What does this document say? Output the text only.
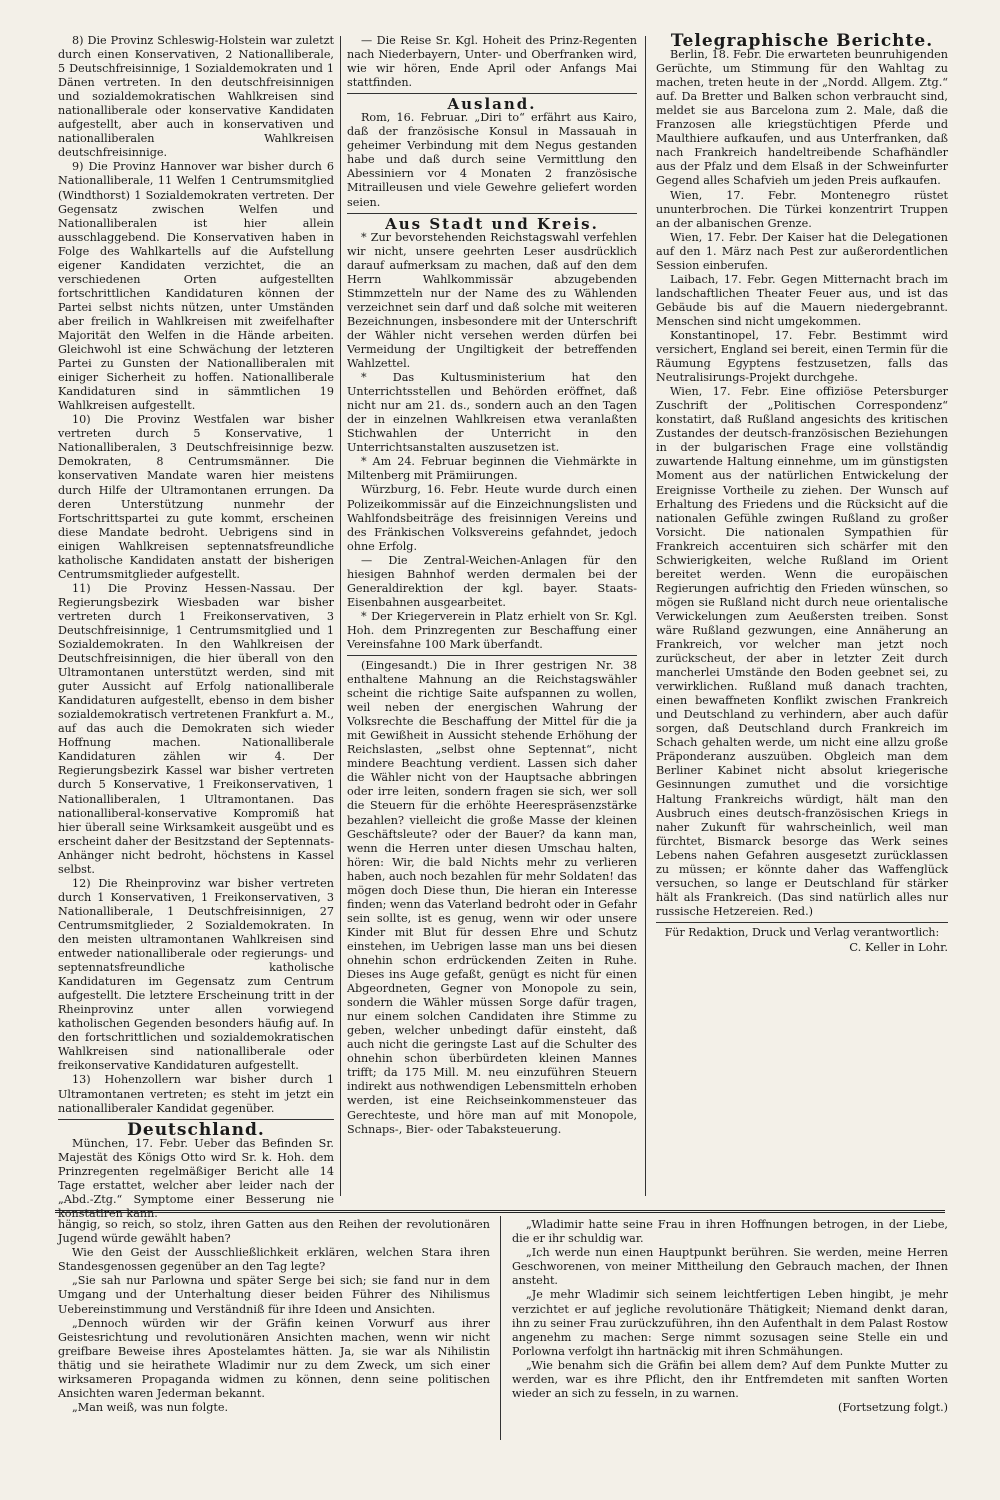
8) Die Provinz Schleswig-Holstein war zuletzt durch einen Konservativen, 2 Nationalliberale, 5 Deutschfreisinnige, 1 Sozialdemokraten und 1 Dänen vertreten. In den deutschfreisinnigen und sozialdemokratischen Wahlkreisen sind nationalliberale oder konservative Kandidaten aufgestellt, aber auch in konservativen und nationalliberalen Wahlkreisen deutschfreisinnige.

9) Die Provinz Hannover war bisher durch 6 Nationalliberale, 11 Welfen 1 Centrumsmitglied (Windthorst) 1 Sozialdemokraten vertreten. Der Gegensatz zwischen Welfen und Nationalliberalen ist hier allein ausschlaggebend. Die Konservativen haben in Folge des Wahlkartells auf die Aufstellung eigener Kandidaten verzichtet, die an verschiedenen Orten aufgestellten fortschrittlichen Kandidaturen können der Partei selbst nichts nützen, unter Umständen aber freilich in Wahlkreisen mit zweifelhafter Majorität den Welfen in die Hände arbeiten. Gleichwohl ist eine Schwächung der letzteren Partei zu Gunsten der Nationalliberalen mit einiger Sicherheit zu hoffen. Nationalliberale Kandidaturen sind in sämmtlichen 19 Wahlkreisen aufgestellt.

10) Die Provinz Westfalen war bisher vertreten durch 5 Konservative, 1 Nationalliberalen, 3 Deutschfreisinnige bezw. Demokraten, 8 Centrumsmänner. Die konservativen Mandate waren hier meistens durch Hilfe der Ultramontanen errungen. Da deren Unterstützung nunmehr der Fortschrittspartei zu gute kommt, erscheinen diese Mandate bedroht. Uebrigens sind in einigen Wahlkreisen septennatsfreundliche katholische Kandidaten anstatt der bisherigen Centrumsmitglieder aufgestellt.

11) Die Provinz Hessen-Nassau. Der Regierungsbezirk Wiesbaden war bisher vertreten durch 1 Freikonservativen, 3 Deutschfreisinnige, 1 Centrumsmitglied und 1 Sozialdemokraten. In den Wahlkreisen der Deutschfreisinnigen, die hier überall von den Ultramontanen unterstützt werden, sind mit guter Aussicht auf Erfolg nationalliberale Kandidaturen aufgestellt, ebenso in dem bisher sozialdemokratisch vertretenen Frankfurt a. M., auf das auch die Demokraten sich wieder Hoffnung machen. Nationalliberale Kandidaturen zählen wir 4. Der Regierungsbezirk Kassel war bisher vertreten durch 5 Konservative, 1 Freikonservativen, 1 Nationalliberalen, 1 Ultramontanen. Das nationalliberal-konservative Kompromiß hat hier überall seine Wirksamkeit ausgeübt und es erscheint daher der Besitzstand der Septennats-Anhänger nicht bedroht, höchstens in Kassel selbst.

12) Die Rheinprovinz war bisher vertreten durch 1 Konservativen, 1 Freikonservativen, 3 Nationalliberale, 1 Deutschfreisinnigen, 27 Centrumsmitglieder, 2 Sozialdemokraten. In den meisten ultramontanen Wahlkreisen sind entweder nationalliberale oder regierungs- und septennatsfreundliche katholische Kandidaturen im Gegensatz zum Centrum aufgestellt. Die letztere Erscheinung tritt in der Rheinprovinz unter allen vorwiegend katholischen Gegenden besonders häufig auf. In den fortschrittlichen und sozialdemokratischen Wahlkreisen sind nationalliberale oder freikonservative Kandidaturen aufgestellt.

13) Hohenzollern war bisher durch 1 Ultramontanen vertreten; es steht im jetzt ein nationalliberaler Kandidat gegenüber.

Deutschland.

München, 17. Febr. Ueber das Befinden Sr. Majestät des Königs Otto wird Sr. k. Hoh. dem Prinzregenten regelmäßiger Bericht alle 14 Tage erstattet, welcher aber leider nach der „Abd.-Ztg.“ Symptome einer Besserung nie konstatiren kann.

— Die Reise Sr. Kgl. Hoheit des Prinz-Regenten nach Niederbayern, Unter- und Oberfranken wird, wie wir hören, Ende April oder Anfangs Mai stattfinden.

Ausland.

Rom, 16. Februar. „Diri to“ erfährt aus Kairo, daß der französische Konsul in Massauah in geheimer Verbindung mit dem Negus gestanden habe und daß durch seine Vermittlung den Abessiniern vor 4 Monaten 2 französische Mitrailleusen und viele Gewehre geliefert worden seien.

Aus Stadt und Kreis.

* Zur bevorstehenden Reichstagswahl verfehlen wir nicht, unsere geehrten Leser ausdrücklich darauf aufmerksam zu machen, daß auf den dem Herrn Wahlkommissär abzugebenden Stimmzetteln nur der Name des zu Wählenden verzeichnet sein darf und daß solche mit weiteren Bezeichnungen, insbesondere mit der Unterschrift der Wähler nicht versehen werden dürfen bei Vermeidung der Ungiltigkeit der betreffenden Wahlzettel.

* Das Kultusministerium hat den Unterrichtsstellen und Behörden eröffnet, daß nicht nur am 21. ds., sondern auch an den Tagen der in einzelnen Wahlkreisen etwa veranlaßten Stichwahlen der Unterricht in den Unterrichtsanstalten auszusetzen ist.

* Am 24. Februar beginnen die Viehmärkte in Miltenberg mit Prämiirungen.

Würzburg, 16. Febr. Heute wurde durch einen Polizeikommissär auf die Einzeichnungslisten und Wahlfondsbeiträge des freisinnigen Vereins und des Fränkischen Volksvereins gefahndet, jedoch ohne Erfolg.

— Die Zentral-Weichen-Anlagen für den hiesigen Bahnhof werden dermalen bei der Generaldirektion der kgl. bayer. Staats-Eisenbahnen ausgearbeitet.

* Der Kriegerverein in Platz erhielt von Sr. Kgl. Hoh. dem Prinzregenten zur Beschaffung einer Vereinsfahne 100 Mark überfandt.

(Eingesandt.) Die in Ihrer gestrigen Nr. 38 enthaltene Mahnung an die Reichstagswähler scheint die richtige Saite aufspannen zu wollen, weil neben der energischen Wahrung der Volksrechte die Beschaffung der Mittel für die ja mit Gewißheit in Aussicht stehende Erhöhung der Reichslasten, „selbst ohne Septennat“, nicht mindere Beachtung verdient. Lassen sich daher die Wähler nicht von der Hauptsache abbringen oder irre leiten, sondern fragen sie sich, wer soll die Steuern für die erhöhte Heerespräsenzstärke bezahlen? vielleicht die große Masse der kleinen Geschäftsleute? oder der Bauer? da kann man, wenn die Herren unter diesen Umschau halten, hören: Wir, die bald Nichts mehr zu verlieren haben, auch noch bezahlen für mehr Soldaten! das mögen doch Diese thun, Die hieran ein Interesse finden; wenn das Vaterland bedroht oder in Gefahr sein sollte, ist es genug, wenn wir oder unsere Kinder mit Blut für dessen Ehre und Schutz einstehen, im Uebrigen lasse man uns bei diesen ohnehin schon erdrückenden Zeiten in Ruhe. Dieses ins Auge gefaßt, genügt es nicht für einen Abgeordneten, Gegner von Monopole zu sein, sondern die Wähler müssen Sorge dafür tragen, nur einem solchen Candidaten ihre Stimme zu geben, welcher unbedingt dafür einsteht, daß auch nicht die geringste Last auf die Schulter des ohnehin schon überbürdeten kleinen Mannes trifft; da 175 Mill. M. neu einzuführen Steuern indirekt aus nothwendigen Lebensmitteln erhoben werden, ist eine Reichseinkommensteuer das Gerechteste, und höre man auf mit Monopole, Schnaps-, Bier- oder Tabaksteuerung.

Telegraphische Berichte.

Berlin, 18. Febr. Die erwarteten beunruhigenden Gerüchte, um Stimmung für den Wahltag zu machen, treten heute in der „Nordd. Allgem. Ztg.“ auf. Da Bretter und Balken schon verbraucht sind, meldet sie aus Barcelona zum 2. Male, daß die Franzosen alle kriegstüchtigen Pferde und Maulthiere aufkaufen, und aus Unterfranken, daß nach Frankreich handeltreibende Schafhändler aus der Pfalz und dem Elsaß in der Schweinfurter Gegend alles Schafvieh um jeden Preis aufkaufen.

Wien, 17. Febr. Montenegro rüstet ununterbrochen. Die Türkei konzentrirt Truppen an der albanischen Grenze.

Wien, 17. Febr. Der Kaiser hat die Delegationen auf den 1. März nach Pest zur außerordentlichen Session einberufen.

Laibach, 17. Febr. Gegen Mitternacht brach im landschaftlichen Theater Feuer aus, und ist das Gebäude bis auf die Mauern niedergebrannt. Menschen sind nicht umgekommen.

Konstantinopel, 17. Febr. Bestimmt wird versichert, England sei bereit, einen Termin für die Räumung Egyptens festzusetzen, falls das Neutralisirungs-Projekt durchgehe.

Wien, 17. Febr. Eine offiziöse Petersburger Zuschrift der „Politischen Correspondenz“ konstatirt, daß Rußland angesichts des kritischen Zustandes der deutsch-französischen Beziehungen in der bulgarischen Frage eine vollständig zuwartende Haltung einnehme, um im günstigsten Moment aus der natürlichen Entwickelung der Ereignisse Vortheile zu ziehen. Der Wunsch auf Erhaltung des Friedens und die Rücksicht auf die nationalen Gefühle zwingen Rußland zu großer Vorsicht. Die nationalen Sympathien für Frankreich accentuiren sich schärfer mit den Schwierigkeiten, welche Rußland im Orient bereitet werden. Wenn die europäischen Regierungen aufrichtig den Frieden wünschen, so mögen sie Rußland nicht durch neue orientalische Verwickelungen zum Aeußersten treiben. Sonst wäre Rußland gezwungen, eine Annäherung an Frankreich, vor welcher man jetzt noch zurückscheut, der aber in letzter Zeit durch mancherlei Umstände den Boden geebnet sei, zu verwirklichen. Rußland muß danach trachten, einen bewaffneten Konflikt zwischen Frankreich und Deutschland zu verhindern, aber auch dafür sorgen, daß Deutschland durch Frankreich im Schach gehalten werde, um nicht eine allzu große Präponderanz auszuüben. Obgleich man dem Berliner Kabinet nicht absolut kriegerische Gesinnungen zumuthet und die vorsichtige Haltung Frankreichs würdigt, hält man den Ausbruch eines deutsch-französischen Kriegs in naher Zukunft für wahrscheinlich, weil man fürchtet, Bismarck besorge das Werk seines Lebens nahen Gefahren ausgesetzt zurücklassen zu müssen; er könnte daher das Waffenglück versuchen, so lange er Deutschland für stärker hält als Frankreich. (Das sind natürlich alles nur russische Hetzereien. Red.)

Für Redaktion, Druck und Verlag verantwortlich:

C. Keller in Lohr.

hängig, so reich, so stolz, ihren Gatten aus den Reihen der revolutionären Jugend würde gewählt haben?

Wie den Geist der Ausschließlichkeit erklären, welchen Stara ihren Standesgenossen gegenüber an den Tag legte?

„Sie sah nur Parlowna und später Serge bei sich; sie fand nur in dem Umgang und der Unterhaltung dieser beiden Führer des Nihilismus Uebereinstimmung und Verständniß für ihre Ideen und Ansichten.

„Dennoch würden wir der Gräfin keinen Vorwurf aus ihrer Geistesrichtung und revolutionären Ansichten machen, wenn wir nicht greifbare Beweise ihres Apostelamtes hätten. Ja, sie war als Nihilistin thätig und sie heirathete Wladimir nur zu dem Zweck, um sich einer wirksameren Propaganda widmen zu können, denn seine politischen Ansichten waren Jederman bekannt.

„Man weiß, was nun folgte.

„Wladimir hatte seine Frau in ihren Hoffnungen betrogen, in der Liebe, die er ihr schuldig war.

„Ich werde nun einen Hauptpunkt berühren. Sie werden, meine Herren Geschworenen, von meiner Mittheilung den Gebrauch machen, der Ihnen ansteht.

„Je mehr Wladimir sich seinem leichtfertigen Leben hingibt, je mehr verzichtet er auf jegliche revolutionäre Thätigkeit; Niemand denkt daran, ihn zu seiner Frau zurückzuführen, ihn den Aufenthalt in dem Palast Rostow angenehm zu machen: Serge nimmt sozusagen seine Stelle ein und Porlowna verfolgt ihn hartnäckig mit ihren Schmähungen.

„Wie benahm sich die Gräfin bei allem dem? Auf dem Punkte Mutter zu werden, war es ihre Pflicht, den ihr Entfremdeten mit sanften Worten wieder an sich zu fesseln, in zu warnen.

(Fortsetzung folgt.)
